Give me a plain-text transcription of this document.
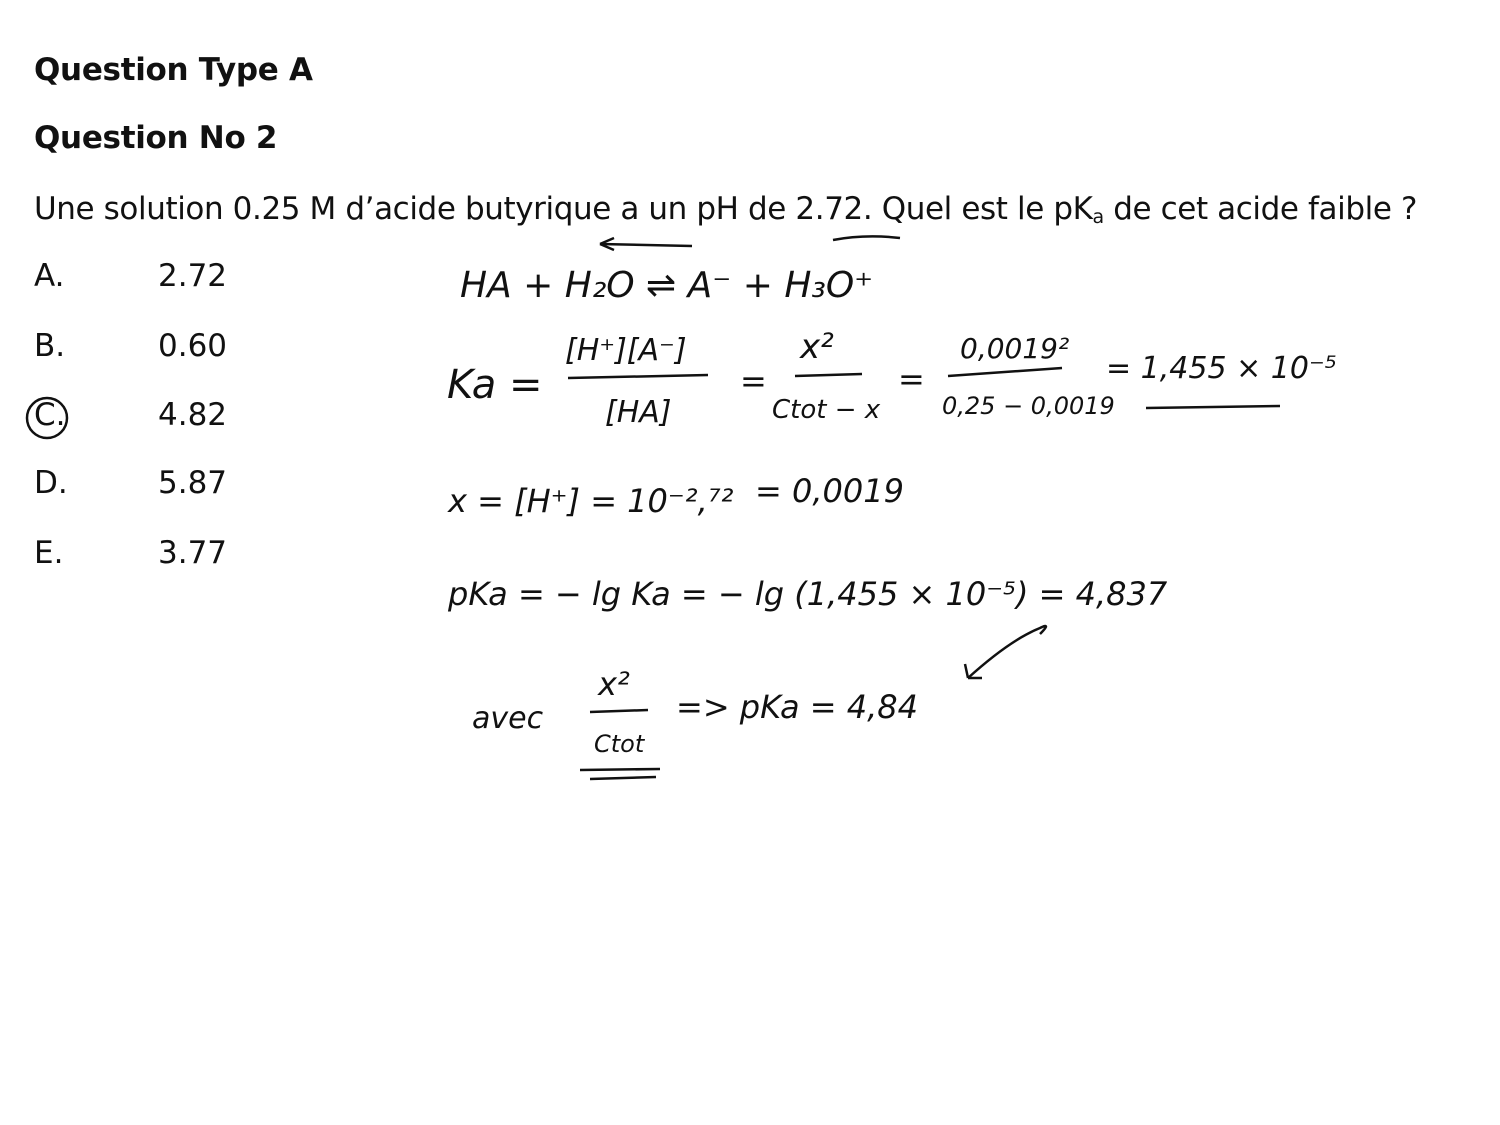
Question Type A
Question No 2
Une solution 0.25 M d’acide butyrique a un pH de 2.72. Quel est le $pK_a$ de cet acide faible ?
A.	2.72
B.	0.60
C.	4.82
D.	5.87
E.	3.77
HA + H₂O ⇌ A⁻ + H₃O⁺
Ka =
[H⁺][A⁻]
[HA]
=
x²
Ctot − x
=
0,0019²
0,25 − 0,0019
= 1,455 × 10⁻⁵
x = [H⁺] = 10⁻²,⁷² = 0,0019
pKa = − lg Ka = − lg (1,455 × 10⁻⁵) = 4,837
avec
x²
Ctot
=> pKa = 4,84
